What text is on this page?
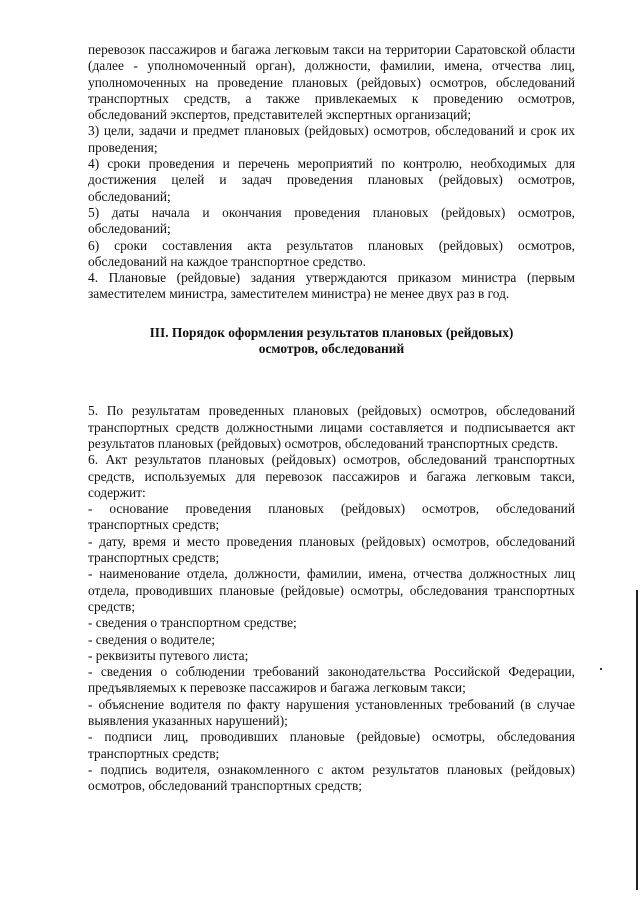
перевозок пассажиров и багажа легковым такси на территории Саратовской области (далее - уполномоченный орган), должности, фамилии, имена, отчества лиц, уполномоченных на проведение плановых (рейдовых) осмотров, обследований транспортных средств, а также привлекаемых к проведению осмотров, обследований экспертов, представителей экспертных организаций;

3) цели, задачи и предмет плановых (рейдовых) осмотров, обследований и срок их проведения;

4) сроки проведения и перечень мероприятий по контролю, необходимых для достижения целей и задач проведения плановых (рейдовых) осмотров, обследований;

5) даты начала и окончания проведения плановых (рейдовых) осмотров, обследований;

6) сроки составления акта результатов плановых (рейдовых) осмотров, обследований на каждое транспортное средство.

4. Плановые (рейдовые) задания утверждаются приказом министра (первым заместителем министра, заместителем министра) не менее двух раз в год.

III. Порядок оформления результатов плановых (рейдовых)

осмотров, обследований

5. По результатам проведенных плановых (рейдовых) осмотров, обследований транспортных средств должностными лицами составляется и подписывается акт результатов плановых (рейдовых) осмотров, обследований транспортных средств.

6. Акт результатов плановых (рейдовых) осмотров, обследований транспортных средств, используемых для перевозок пассажиров и багажа легковым такси, содержит:

- основание проведения плановых (рейдовых) осмотров, обследований транспортных средств;

- дату, время и место проведения плановых (рейдовых) осмотров, обследований транспортных средств;

- наименование отдела, должности, фамилии, имена, отчества должностных лиц отдела, проводивших плановые (рейдовые) осмотры, обследования транспортных средств;

- сведения о транспортном средстве;

- сведения о водителе;

- реквизиты путевого листа;

- сведения о соблюдении требований законодательства Российской Федерации, предъявляемых к перевозке пассажиров и багажа легковым такси;

- объяснение водителя по факту нарушения установленных требований (в случае выявления указанных нарушений);

- подписи лиц, проводивших плановые (рейдовые) осмотры, обследования транспортных средств;

- подпись водителя, ознакомленного с актом результатов плановых (рейдовых) осмотров, обследований транспортных средств;
